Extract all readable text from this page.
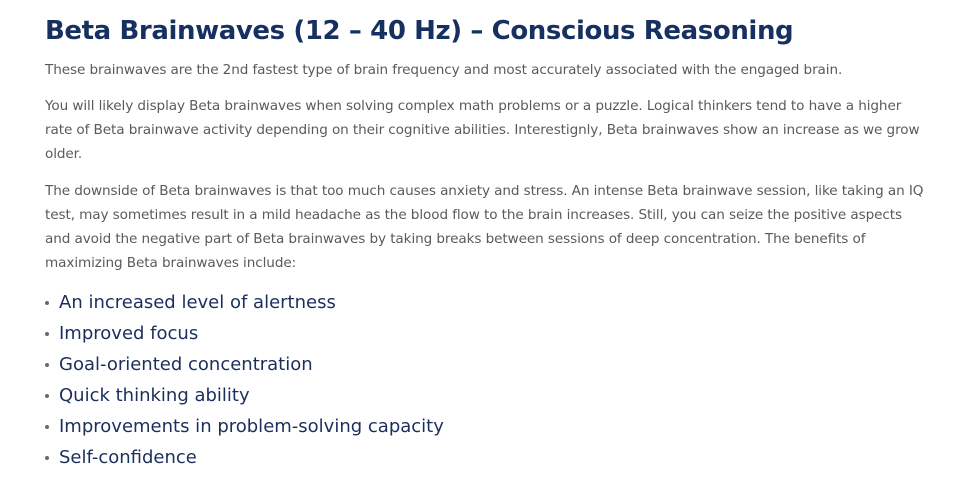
Beta Brainwaves (12 – 40 Hz) – Conscious Reasoning

These brainwaves are the 2nd fastest type of brain frequency and most accurately associated with the engaged brain.

You will likely display Beta brainwaves when solving complex math problems or a puzzle. Logical thinkers tend to have a higher rate of Beta brainwave activity depending on their cognitive abilities. Interestignly, Beta brainwaves show an increase as we grow older.

The downside of Beta brainwaves is that too much causes anxiety and stress. An intense Beta brainwave session, like taking an IQ test, may sometimes result in a mild headache as the blood flow to the brain increases. Still, you can seize the positive aspects and avoid the negative part of Beta brainwaves by taking breaks between sessions of deep concentration. The benefits of maximizing Beta brainwaves include:

An increased level of alertness
Improved focus
Goal-oriented concentration
Quick thinking ability
Improvements in problem-solving capacity
Self-confidence
